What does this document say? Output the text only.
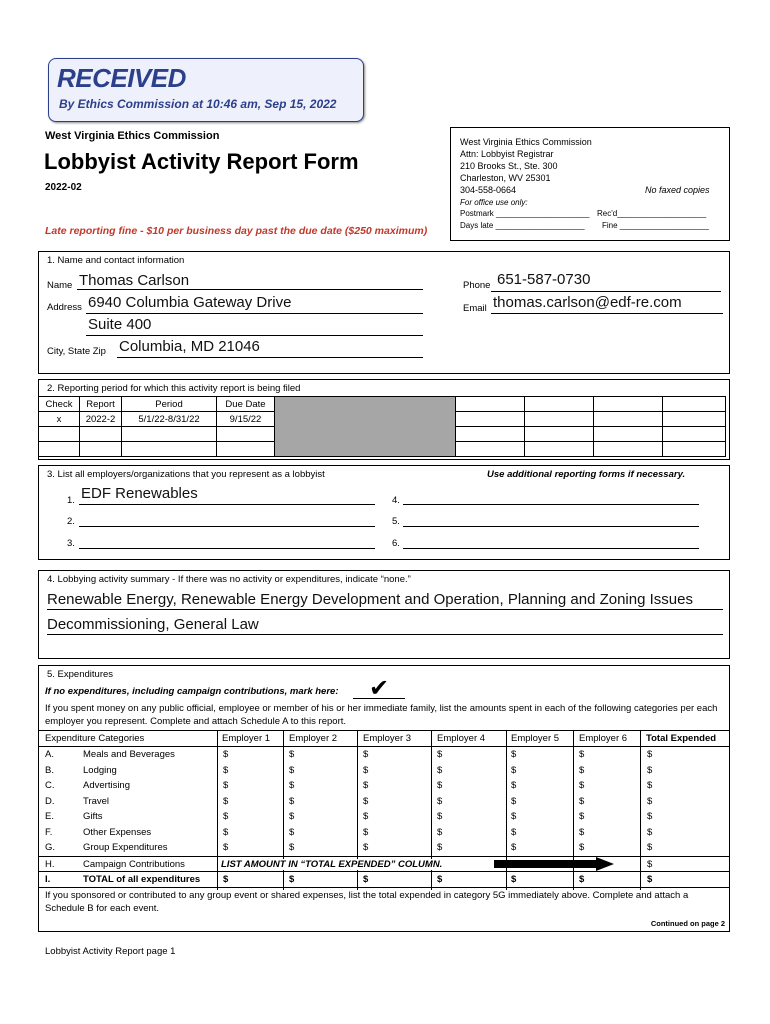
RECEIVED
By Ethics Commission at 10:46 am, Sep 15, 2022
West Virginia Ethics Commission
Lobbyist Activity Report Form
2022-02
Late reporting fine - $10 per business day past the due date ($250 maximum)
West Virginia Ethics Commission
Attn: Lobbyist Registrar
210 Brooks St., Ste. 300
Charleston, WV 25301
304-558-0664	No faxed copies
For office use only:
Postmark _____________________ Rec'd____________________
Days late ____________________ Fine ____________________
1. Name and contact information
Name Thomas Carlson
Address 6940 Columbia Gateway Drive
Suite 400
City, State Zip Columbia, MD 21046
Phone 651-587-0730
Email thomas.carlson@edf-re.com
2. Reporting period for which this activity report is being filed
Check	Report	Period	Due Date					
x	2022-2	5/1/22-8/31/22	9/15/22					

3. List all employers/organizations that you represent as a lobbyist	Use additional reporting forms if necessary.
1. EDF Renewables
2.
3.
4.
5.
6.
4. Lobbying activity summary - If there was no activity or expenditures, indicate “none.”
Renewable Energy, Renewable Energy Development and Operation, Planning and Zoning Issues
Decommissioning, General Law
5. Expenditures
If no expenditures, including campaign contributions, mark here: ✔
If you spent money on any public official, employee or member of his or her immediate family, list the amounts spent in each of the following categories per each employer you represent. Complete and attach Schedule A to this report.
Expenditure Categories	Employer 1 Employer 2	Employer 3	Employer 4	Employer 5 Employer 6 Total Expended
A.	Meals and Beverages	$	$	$	$	$	$	$
B.	Lodging	$	$	$	$	$	$	$
C.	Advertising	$	$	$	$	$	$	$
D.	Travel	$	$	$	$	$	$	$
E.	Gifts	$	$	$	$	$	$	$
F.	Other Expenses	$	$	$	$	$	$	$
G.	Group Expenditures	$	$	$	$	$	$	$
H.	Campaign Contributions	LIST AMOUNT IN “TOTAL EXPENDED” COLUMN.	$
I.	TOTAL of all expenditures $	$	$	$	$	$	$
If you sponsored or contributed to any group event or shared expenses, list the total expended in category 5G immediately above. Complete and attach a Schedule B for each event.
Continued on page 2
Lobbyist Activity Report page 1
